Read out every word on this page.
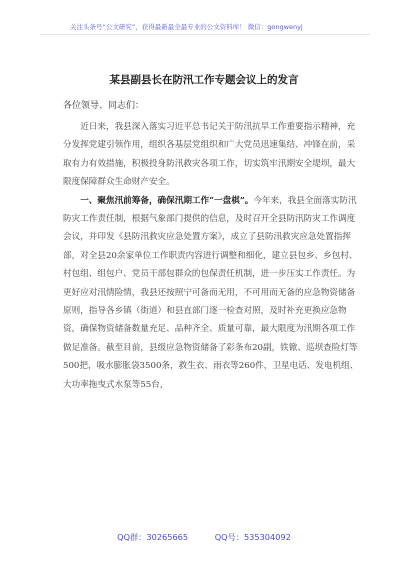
关注头条号“公文研究”，获得最新最全最专业的公文资料库！ 微信：gongwenyj
某县副县长在防汛工作专题会议上的发言
各位领导、同志们：

近日来，我县深入落实习近平总书记关于防汛抗旱工作重要指示精神，充分发挥党建引领作用，组织各基层党组织和广大党员迅速集结、冲锋在前，采取有力有效措施，积极投身防汛救灾各项工作，切实筑牢汛期安全堤坝，最大限度保障群众生命财产安全。

一、聚焦汛前筹备，确保汛期工作“一盘棋”。今年来，我县全面落实防汛防灾工作责任制，根据气象部门提供的信息，及时召开全县防汛防灾工作调度会议，并印发《县防汛救灾应急处置方案》，成立了县防汛救灾应急处置指挥部，对全县20余家单位工作职责内容进行调整和细化，建立县包乡、乡包村、村包组、组包户、党员干部包群众的包保责任机制，进一步压实工作责任。为更好应对汛情险情，我县还按照宁可备而无用，不可用而无备的应急物资储备原则，指导各乡镇（街道）和县直部门逐一检查对照，及时补充更换应急物资，确保物资储备数量充足、品种齐全、质量可靠，最大限度为汛期各项工作做足准备。截至目前，县级应急物资储备了彩条布20副，铁锨、巡坝查险灯等500把，吸水膨胀袋3500条，救生衣、雨衣等260件，卫星电话、发电机组、大功率拖曳式水泵等55台，

QQ群：30265665	QQ号：535304092
